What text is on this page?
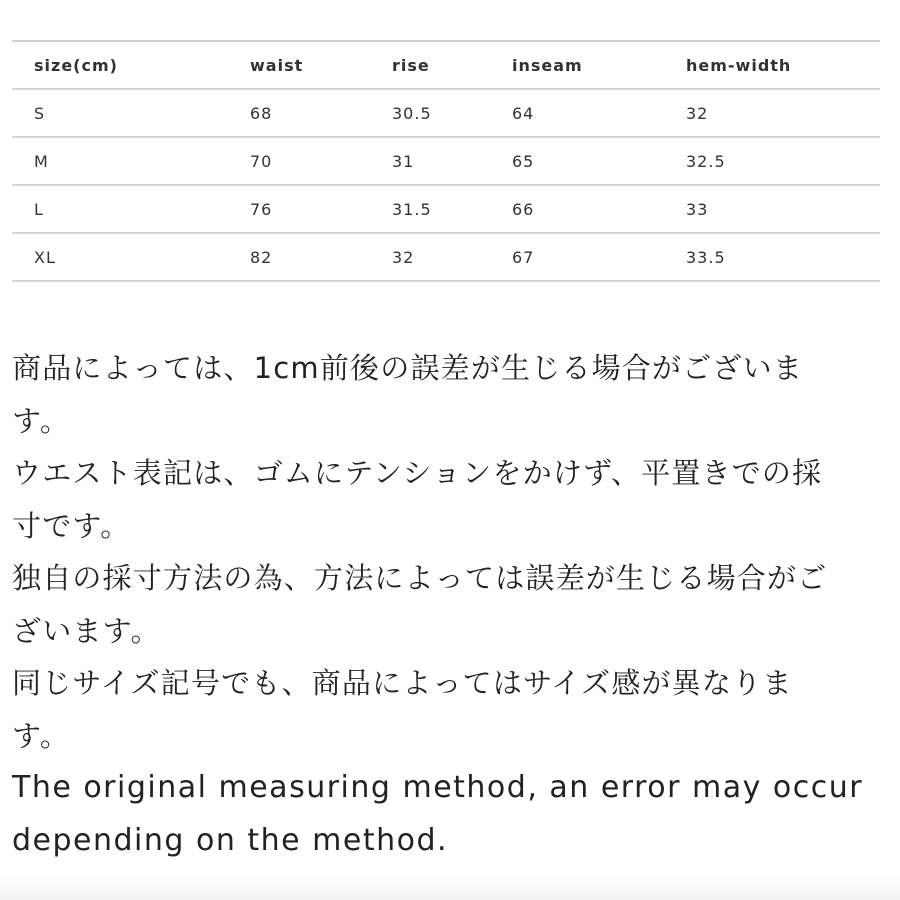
size(cm)	waist	rise	inseam	hem-width
S	68	30.5	64	32
M	70	31	65	32.5
L	76	31.5	66	33
XL	82	32	67	33.5

商品によっては、1cm前後の誤差が生じる場合がございま

す。

ウエスト表記は、ゴムにテンションをかけず、平置きでの採

寸です。

独自の採寸方法の為、方法によっては誤差が生じる場合がご

ざいます。

同じサイズ記号でも、商品によってはサイズ感が異なりま

す。

The original measuring method, an error may occur

depending on the method.
